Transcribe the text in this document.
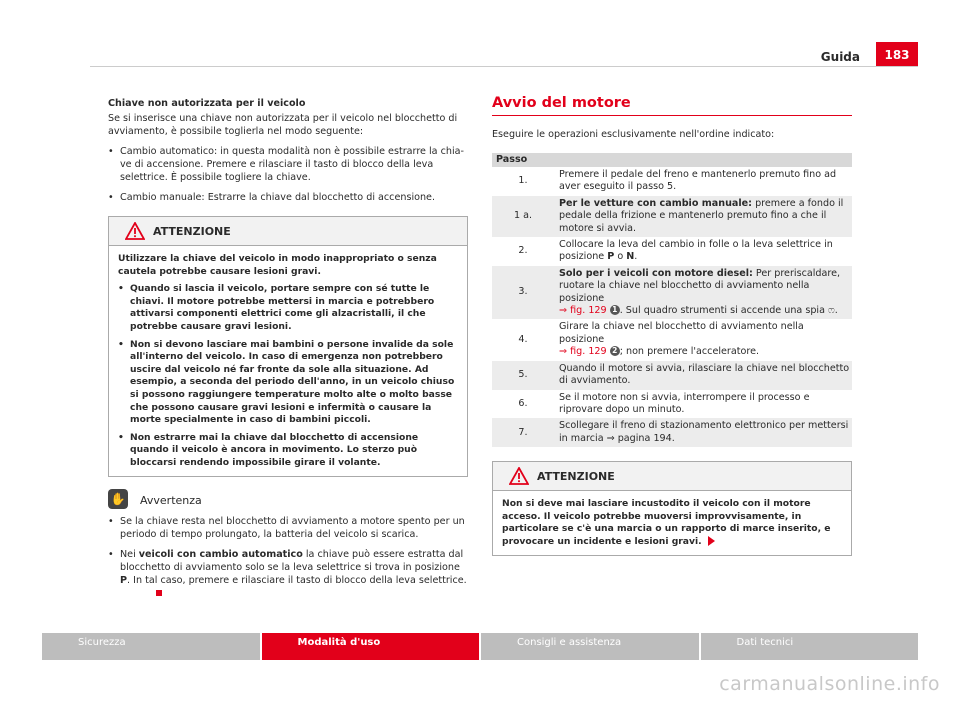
Guida	183

Chiave non autorizzata per il veicolo

Se si inserisce una chiave non autorizzata per il veicolo nel blocchetto di avviamento, è possibile toglierla nel modo seguente:

• Cambio automatico: in questa modalità non è possibile estrarre la chiave di accensione. Premere e rilasciare il tasto di blocco della leva selettrice. È possibile togliere la chiave.
• Cambio manuale: Estrarre la chiave dal blocchetto di accensione.
ATTENZIONE

Utilizzare la chiave del veicolo in modo inappropriato o senza cautela potrebbe causare lesioni gravi.

• Quando si lascia il veicolo, portare sempre con sé tutte le chiavi. Il motore potrebbe mettersi in marcia e potrebbero attivarsi componenti elettrici come gli alzacristalli, il che potrebbe causare gravi lesioni.
• Non si devono lasciare mai bambini o persone invalide da sole all'interno del veicolo. In caso di emergenza non potrebbero uscire dal veicolo né far fronte da sole alla situazione. Ad esempio, a seconda del periodo dell'anno, in un veicolo chiuso si possono raggiungere temperature molto alte o molto basse che possono causare gravi lesioni e infermità o causare la morte specialmente in caso di bambini piccoli.
• Non estrarre mai la chiave dal blocchetto di accensione quando il veicolo è ancora in movimento. Lo sterzo può bloccarsi rendendo impossibile girare il volante.
✋ Avvertenza
• Se la chiave resta nel blocchetto di avviamento a motore spento per un periodo di tempo prolungato, la batteria del veicolo si scarica.
• Nei veicoli con cambio automatico la chiave può essere estratta dal blocchetto di avviamento solo se la leva selettrice si trova in posizione P. In tal caso, premere e rilasciare il tasto di blocco della leva selettrice.
Avvio del motore

Eseguire le operazioni esclusivamente nell'ordine indicato:

Passo	
1.	Premere il pedale del freno e mantenerlo premuto fino ad aver eseguito il passo 5.
1 a.	Per le vetture con cambio manuale: premere a fondo il pedale della frizione e mantenerlo premuto fino a che il motore si avvia.
2.	Collocare la leva del cambio in folle o la leva selettrice in posizione P o N.
3.	Solo per i veicoli con motore diesel: Per preriscaldare, ruotare la chiave nel blocchetto di avviamento nella posizione
⇒ fig. 129 1 . Sul quadro strumenti si accende una spia ෆ.
4.	Girare la chiave nel blocchetto di avviamento nella posizione
⇒ fig. 129 2 ; non premere l'acceleratore.
5.	Quando il motore si avvia, rilasciare la chiave nel blocchetto di avviamento.
6.	Se il motore non si avvia, interrompere il processo e riprovare dopo un minuto.
7.	Scollegare il freno di stazionamento elettronico per mettersi in marcia ⇒ pagina 194.
ATTENZIONE
Non si deve mai lasciare incustodito il veicolo con il motore acceso. Il veicolo potrebbe muoversi improvvisamente, in particolare se c'è una marcia o un rapporto di marce inserito, e provocare un incidente e lesioni gravi.
Sicurezza	Modalità d'uso	Consigli e assistenza	Dati tecnici
carmanualsonline.info
